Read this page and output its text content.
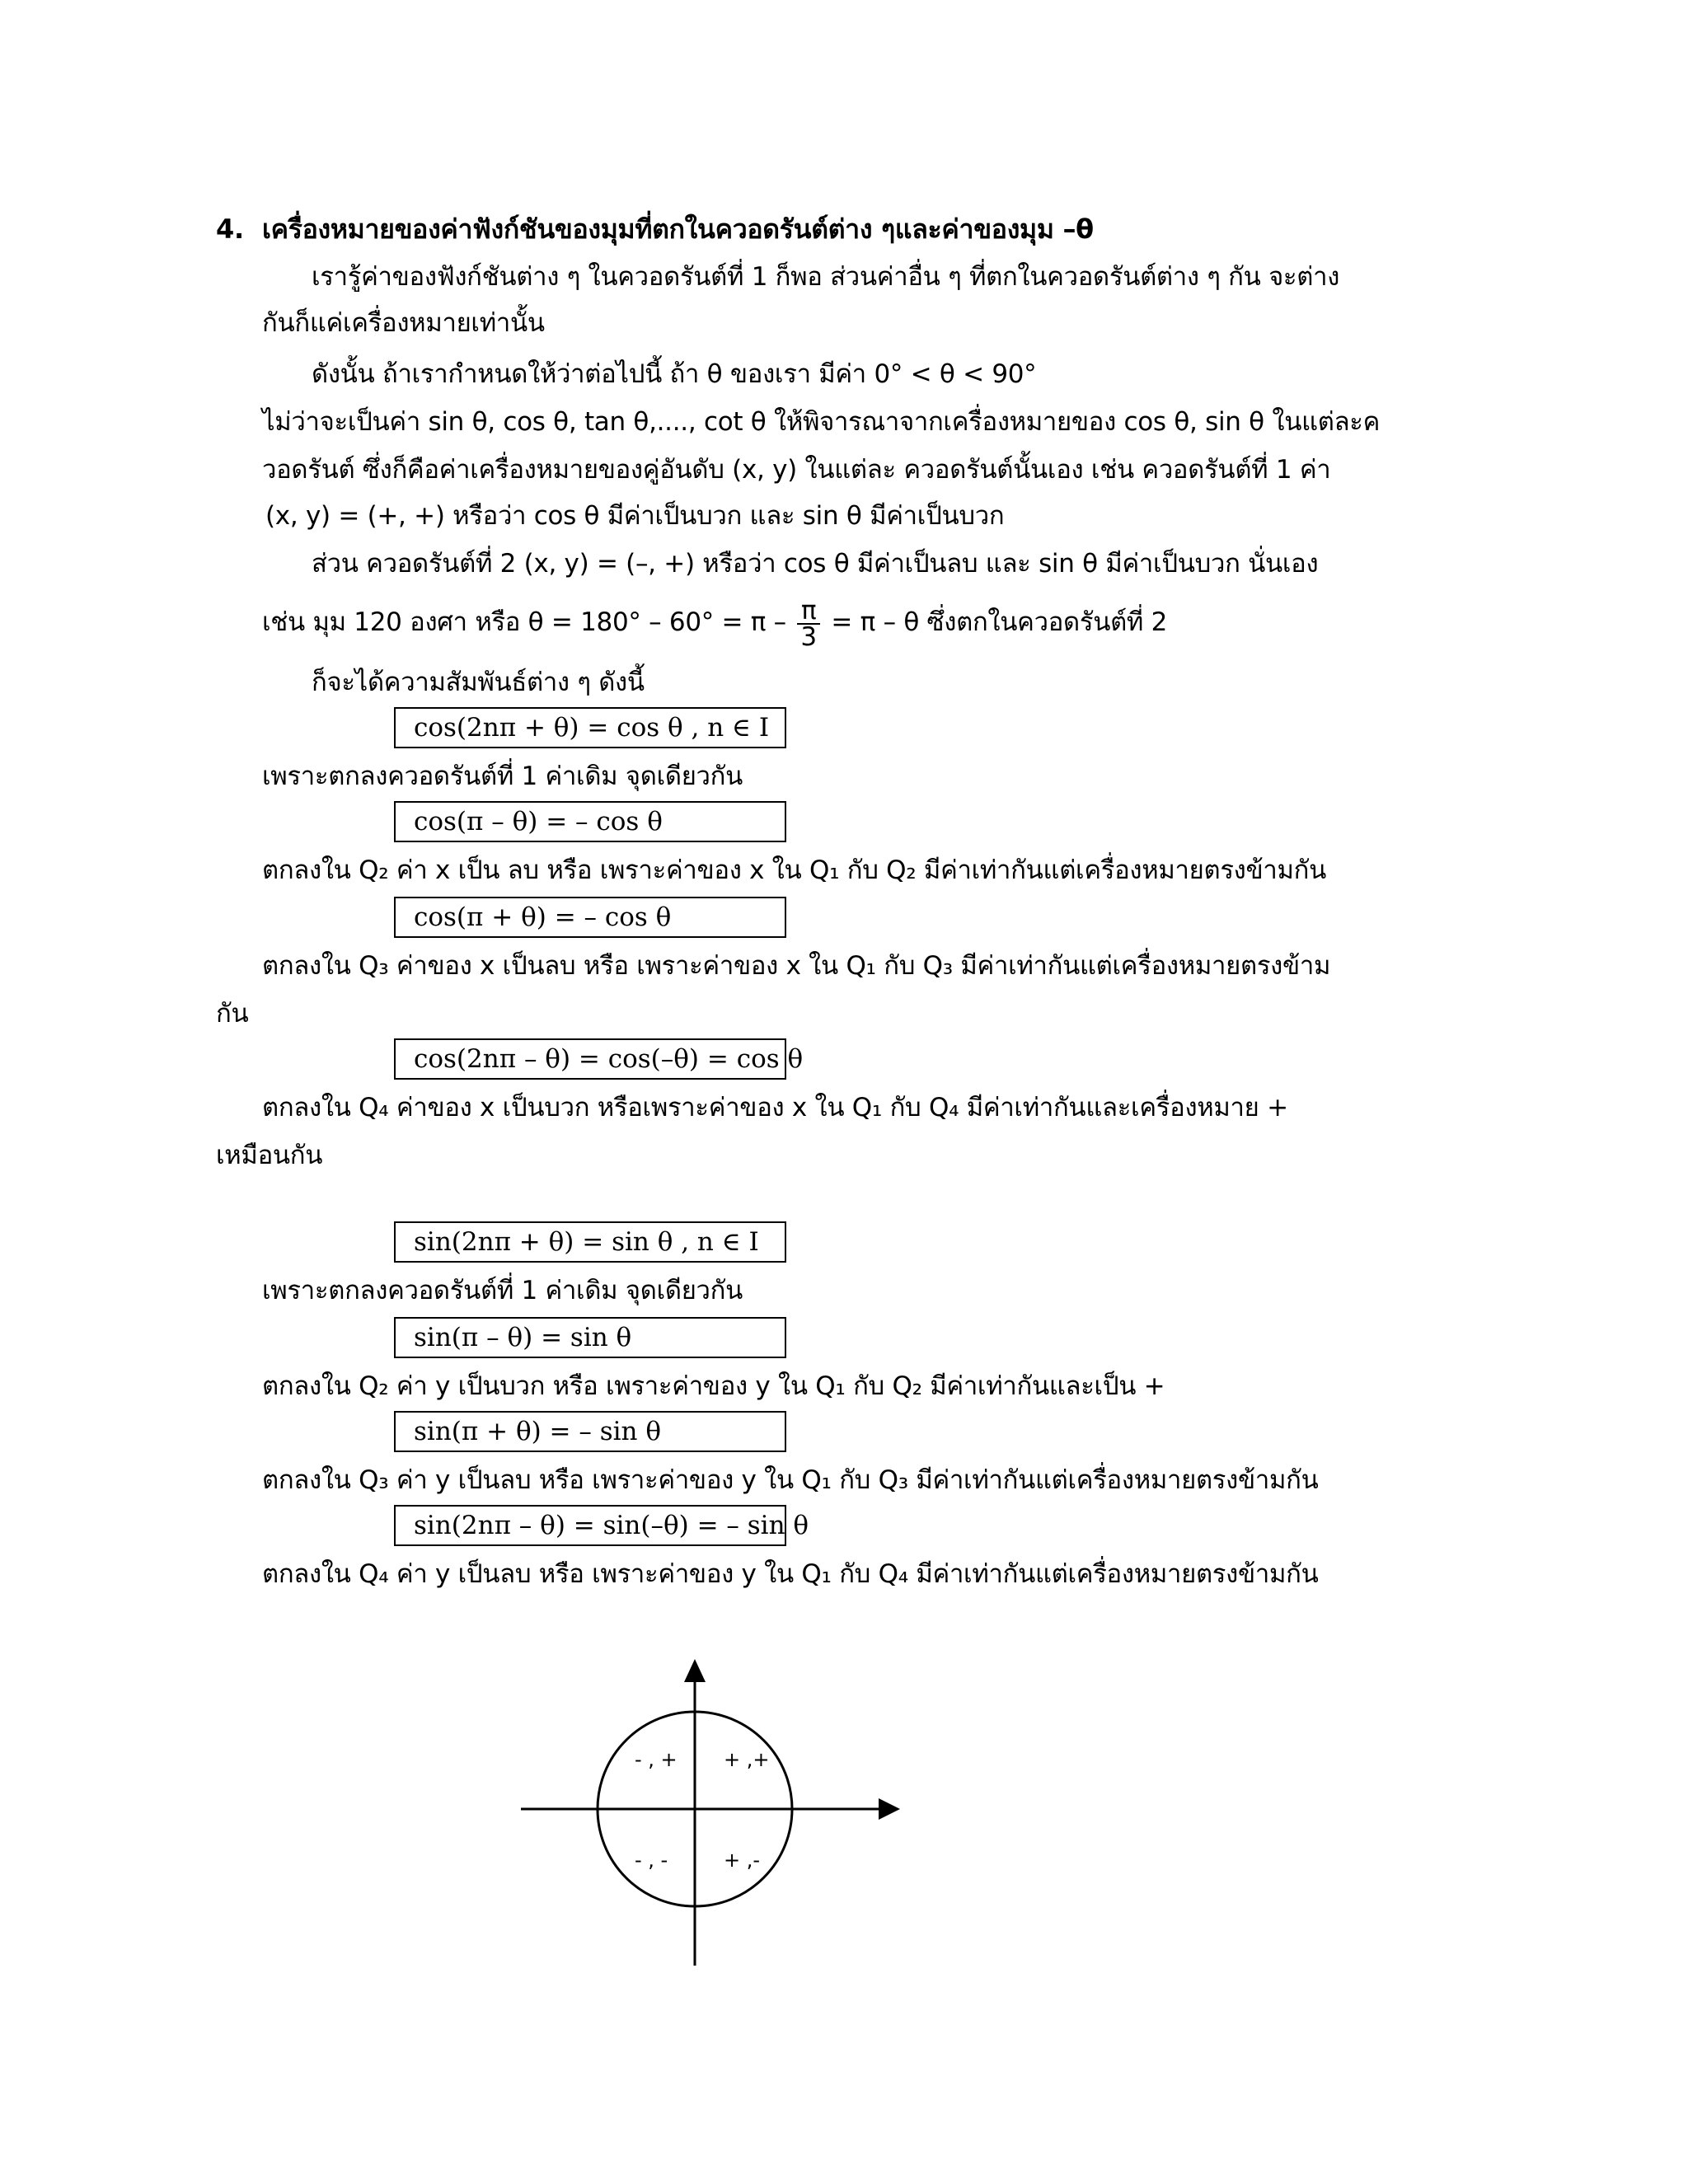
4. เครื่องหมายของค่าฟังก์ชันของมุมที่ตกในควอดรันต์ต่าง ๆและค่าของมุม –θ
เรารู้ค่าของฟังก์ชันต่าง ๆ ในควอดรันต์ที่ 1 ก็พอ ส่วนค่าอื่น ๆ ที่ตกในควอดรันต์ต่าง ๆ กัน จะต่าง
กันก็แค่เครื่องหมายเท่านั้น
ดังนั้น ถ้าเรากำหนดให้ว่าต่อไปนี้ ถ้า θ ของเรา มีค่า 0° < θ < 90°
ไม่ว่าจะเป็นค่า sin θ, cos θ, tan θ,...., cot θ ให้พิจารณาจากเครื่องหมายของ cos θ, sin θ ในแต่ละค
วอดรันต์ ซึ่งก็คือค่าเครื่องหมายของคู่อันดับ (x, y) ในแต่ละ ควอดรันต์นั้นเอง เช่น ควอดรันต์ที่ 1 ค่า
(x, y) = (+, +) หรือว่า cos θ มีค่าเป็นบวก และ sin θ มีค่าเป็นบวก
ส่วน ควอดรันต์ที่ 2 (x, y) = (–, +) หรือว่า cos θ มีค่าเป็นลบ และ sin θ มีค่าเป็นบวก นั่นเอง
เช่น มุม 120 องศา หรือ $\theta = 180^\circ - 60^\circ = \pi - \frac{\pi}{3} = \pi - \theta$ ซึ่งตกในควอดรันต์ที่ 2
ก็จะได้ความสัมพันธ์ต่าง ๆ ดังนี้
cos(2nπ + θ) = cos θ , n ∈ I
เพราะตกลงควอดรันต์ที่ 1 ค่าเดิม จุดเดียวกัน
cos(π – θ) = – cos θ
ตกลงใน Q₂ ค่า x เป็น ลบ หรือ เพราะค่าของ x ใน Q₁ กับ Q₂ มีค่าเท่ากันแต่เครื่องหมายตรงข้ามกัน
cos(π + θ) = – cos θ
ตกลงใน Q₃ ค่าของ x เป็นลบ หรือ เพราะค่าของ x ใน Q₁ กับ Q₃ มีค่าเท่ากันแต่เครื่องหมายตรงข้าม
กัน
cos(2nπ – θ) = cos(–θ) = cos θ
ตกลงใน Q₄ ค่าของ x เป็นบวก หรือเพราะค่าของ x ใน Q₁ กับ Q₄ มีค่าเท่ากันและเครื่องหมาย +
เหมือนกัน
sin(2nπ + θ) = sin θ , n ∈ I
เพราะตกลงควอดรันต์ที่ 1 ค่าเดิม จุดเดียวกัน
sin(π – θ) = sin θ
ตกลงใน Q₂ ค่า y เป็นบวก หรือ เพราะค่าของ y ใน Q₁ กับ Q₂ มีค่าเท่ากันและเป็น +
sin(π + θ) = – sin θ
ตกลงใน Q₃ ค่า y เป็นลบ หรือ เพราะค่าของ y ใน Q₁ กับ Q₃ มีค่าเท่ากันแต่เครื่องหมายตรงข้ามกัน
sin(2nπ – θ) = sin(–θ) = – sin θ
ตกลงใน Q₄ ค่า y เป็นลบ หรือ เพราะค่าของ y ใน Q₁ กับ Q₄ มีค่าเท่ากันแต่เครื่องหมายตรงข้ามกัน
- , + + ,+
- , -	+ ,-
